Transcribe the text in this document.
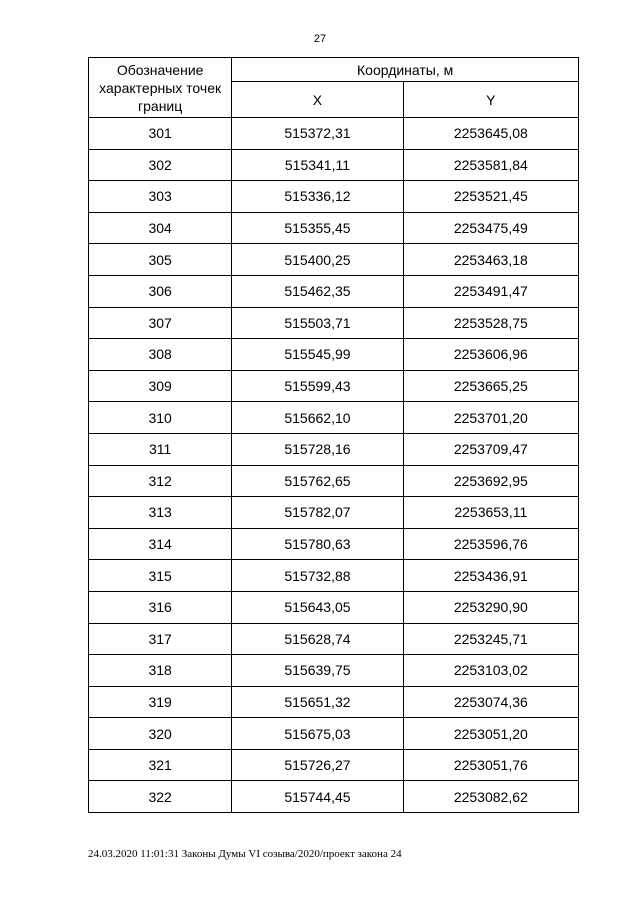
27
Обозначение характерных точек границ	Координаты, м	
	X	Y
301	515372,31	2253645,08
302	515341,11	2253581,84
303	515336,12	2253521,45
304	515355,45	2253475,49
305	515400,25	2253463,18
306	515462,35	2253491,47
307	515503,71	2253528,75
308	515545,99	2253606,96
309	515599,43	2253665,25
310	515662,10	2253701,20
311	515728,16	2253709,47
312	515762,65	2253692,95
313	515782,07	2253653,11
314	515780,63	2253596,76
315	515732,88	2253436,91
316	515643,05	2253290,90
317	515628,74	2253245,71
318	515639,75	2253103,02
319	515651,32	2253074,36
320	515675,03	2253051,20
321	515726,27	2253051,76
322	515744,45	2253082,62
24.03.2020 11:01:31 Законы Думы VI созыва/2020/проект закона 24
